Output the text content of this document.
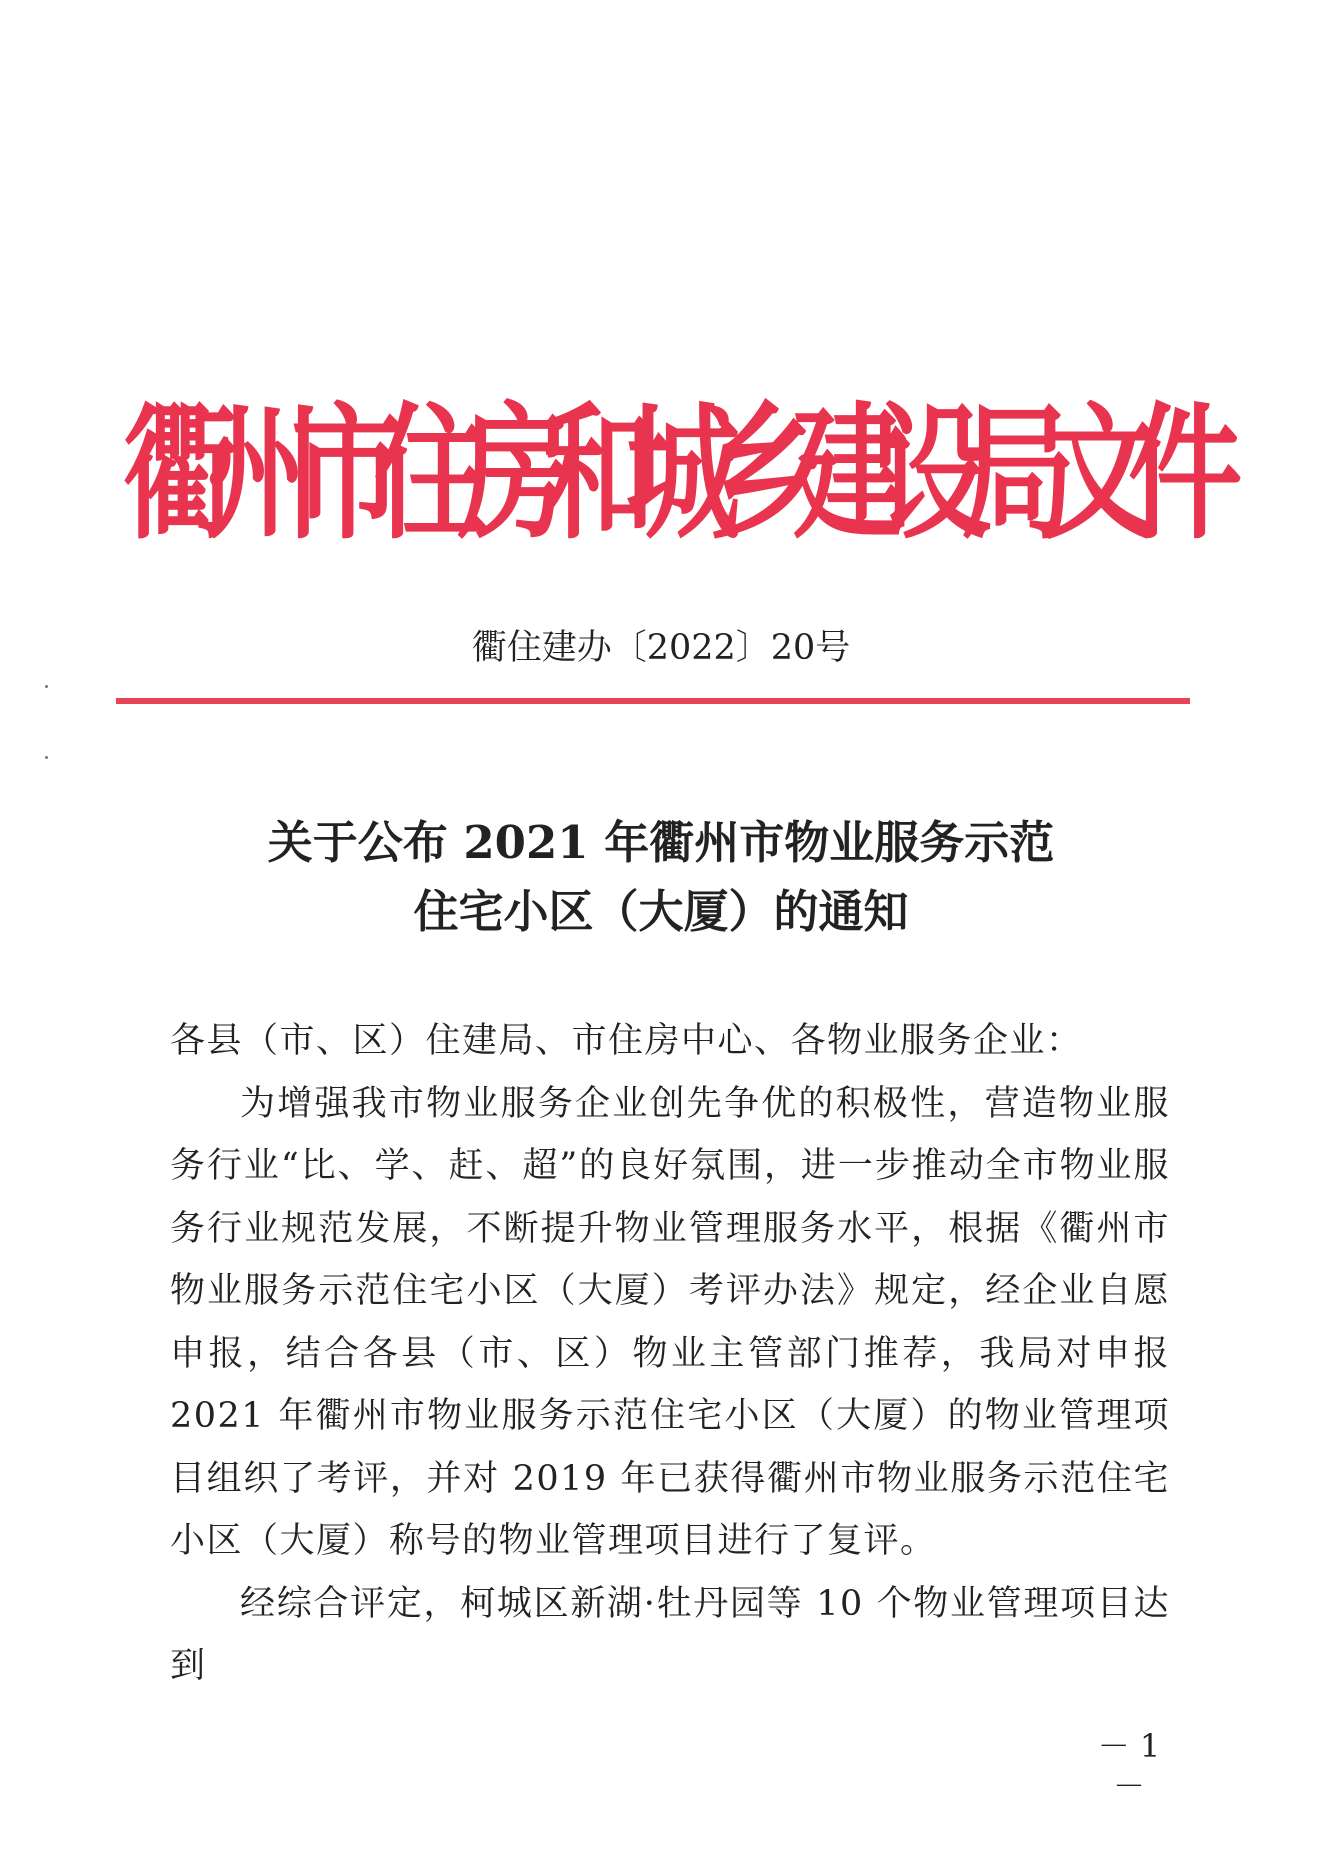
衢
州
市
住
房
和
城
乡
建
设
局
文
件
衢住建办〔2022〕20号
关于公布 2021 年衢州市物业服务示范
住宅小区（大厦）的通知
各县（市、区）住建局、市住房中心、各物业服务企业：
为增强我市物业服务企业创先争优的积极性，营造物业服务行业“比、学、赶、超”的良好氛围，进一步推动全市物业服务行业规范发展，不断提升物业管理服务水平，根据《衢州市物业服务示范住宅小区（大厦）考评办法》规定，经企业自愿申报，结合各县（市、区）物业主管部门推荐，我局对申报 2021 年衢州市物业服务示范住宅小区（大厦）的物业管理项目组织了考评，并对 2019 年已获得衢州市物业服务示范住宅小区（大厦）称号的物业管理项目进行了复评。
经综合评定，柯城区新湖·牡丹园等 10 个物业管理项目达到
－ 1 －
